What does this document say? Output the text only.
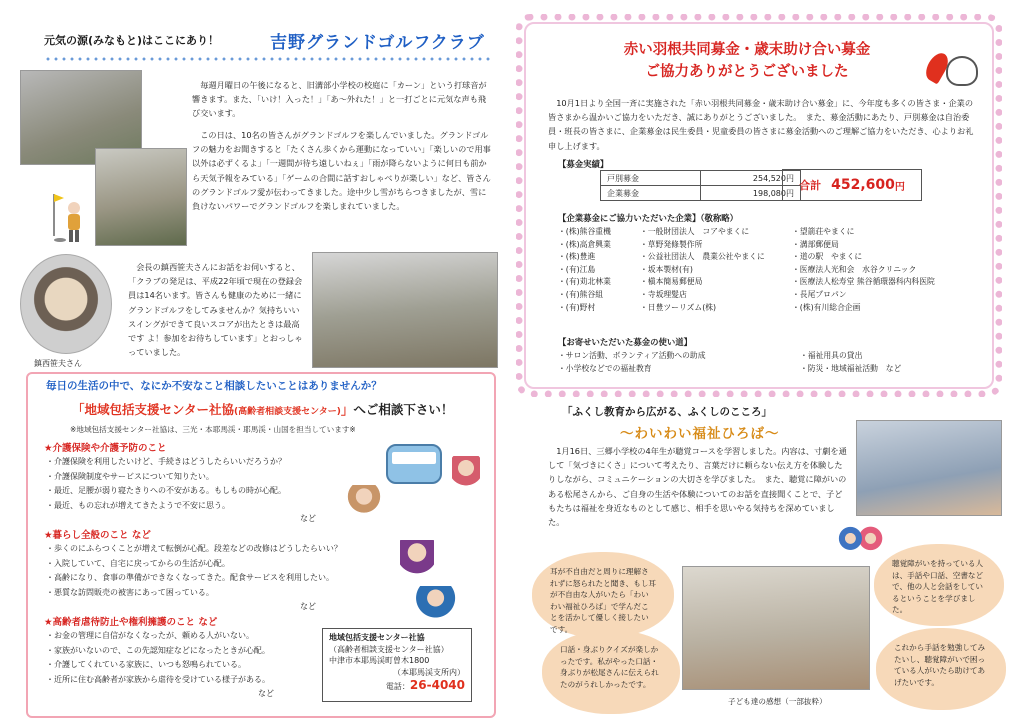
元気の源(みなもと)はここにあり！	吉野グランドゴルフクラブ

毎週月曜日の午後になると、旧溝部小学校の校庭に「カーン」という打球音が響きます。また、「いけ！入った！」「あ〜外れた！」と一打ごとに元気な声も飛び交います。

この日は、10名の皆さんがグランドゴルフを楽しんでいました。グランドゴルフの魅力をお聞きすると「たくさん歩くから運動になっていい」「楽しいので用事以外は必ずくるよ」「一週間が待ち遠しいねぇ」「雨が降らないように何日も前から天気予報をみている」「ゲームの合間に話すおしゃべりが楽しい」など、皆さんのグランドゴルフ愛が伝わってきました。途中少し雪がちらつきましたが、雪に負けないパワーでグランドゴルフを楽しまれていました。

鎮西笹夫さん

会長の鎮西笹夫さんにお話をお伺いすると、「クラブの発足は、平成22年頃で現在の登録会員は14名います。皆さんも健康のために一緒にグランドゴルフをしてみませんか？気持ちいいスイングができて良いスコアが出たときは最高です よ！参加をお待ちしています」とおっしゃっていました。

毎日の生活の中で、なにか不安なこと相談したいことはありませんか？
「地域包括支援センター社協(高齢者相談支援センター)」へご相談下さい！
※地域包括支援センター社協は、三光・本耶馬渓・耶馬渓・山国を担当しています※
★介護保険や介護予防のこと
・ 介護保険を利用したいけど、手続きはどうしたらいいだろうか？
・ 介護保険制度やサービスについて知りたい。
・ 最近、足腰が弱り寝たきりへの不安がある。もしもの時が心配。
・ 最近、もの忘れが増えてきたようで不安に思う。
など
★暮らし全般のこと など
・ 歩くのにふらつくことが増えて転倒が心配。段差などの改修はどうしたらいい？
・ 入院していて、自宅に戻ってからの生活が心配。
・ 高齢になり、食事の準備ができなくなってきた。配食サービスを利用したい。
・ 悪質な訪問販売の被害にあって困っている。
など
★高齢者虐待防止や権利擁護のこと など
・ お金の管理に自信がなくなったが、頼める人がいない。
・ 家族がいないので、この先認知症などになったときが心配。
・ 介護してくれている家族に、いつも怒鳴られている。
・ 近所に住む高齢者が家族から虐待を受けている様子がある。
など
地域包括支援センター社協
（高齢者相談支援センター社協）
中津市本耶馬渓町曽木1800
（本耶馬渓支所内）
電話：26-4040
赤い羽根共同募金・歳末助け合い募金
ご協力ありがとうございました

10月1日より全国一斉に実施された「赤い羽根共同募金・歳末助け合い募金」に、今年度も多くの皆さま・企業の皆さまから温かいご協力をいただき、誠にありがとうございました。　また、募金活動にあたり、戸別募金は自治委員・班長の皆さまに、企業募金は民生委員・児童委員の皆さまに募金活動へのご理解ご協力をいただき、心よりお礼申し上げます。

【募金実績】
戸別募金	254,520円
企業募金	198,080円
合計 452,600 円
【企業募金にご協力いただいた企業】（敬称略）
・ (株)熊谷重機
・ (株)高倉興業
・ (株)豊進
・ (有)江島
・ (有)苅北林業
・ (有)熊谷組
・ (有)野村
・ 一般財団法人　コアやまくに
・ 草野発條製作所
・ 公益社団法人　農業公社やまくに
・ 坂本製材(有)
・ 槇本簡易郵便局
・ 寺坂理髪店
・ 日豊ツーリズム(株)
・ 望箭荘やまくに
・ 溝部郵便局
・ 道の駅　やまくに
・ 医療法人光和会　水谷クリニック
・ 医療法人松寿堂 熊谷循環器科内科医院
・ 長尾プロパン
・ (株)有川総合企画
【お寄せいただいた募金の使い道】
・ サロン活動、ボランティア活動への助成
・ 小学校などでの福祉教育
・ 福祉用具の貸出
・ 防災・地域福祉活動　など
「ふくし教育から広がる、ふくしのこころ」
〜わいわい福祉ひろば〜

1月16日、三郷小学校の4年生が聴覚コースを学習しました。内容は、寸劇を通して「気づきにくさ」について考えたり、言葉だけに頼らない伝え方を体験したりしながら、コミュニケーションの大切さを学びました。　また、聴覚に障がいのある松尾さんから、ご自身の生活や体験についてのお話を直接聞くことで、子どもたちは福祉を身近なものとして感じ、相手を思いやる気持ちを深めていました。

耳が不自由だと周りに理解されずに怒られたと聞き、もし耳が不自由な人がいたら「わいわい福祉ひろば」で学んだことを活かして優しく接したいです。
口話・身ぶりクイズが楽しかったです。私がやった口話・身ぶりが松尾さんに伝えられたのがうれしかったです。
聴覚障がいを持っている人は、手話や口話、空書などで、他の人と会話をしているということを学びました。
これから手話を勉強してみたいし、聴覚障がいで困っている人がいたら助けてあげたいです。
子ども達の感想（一部抜粋）
